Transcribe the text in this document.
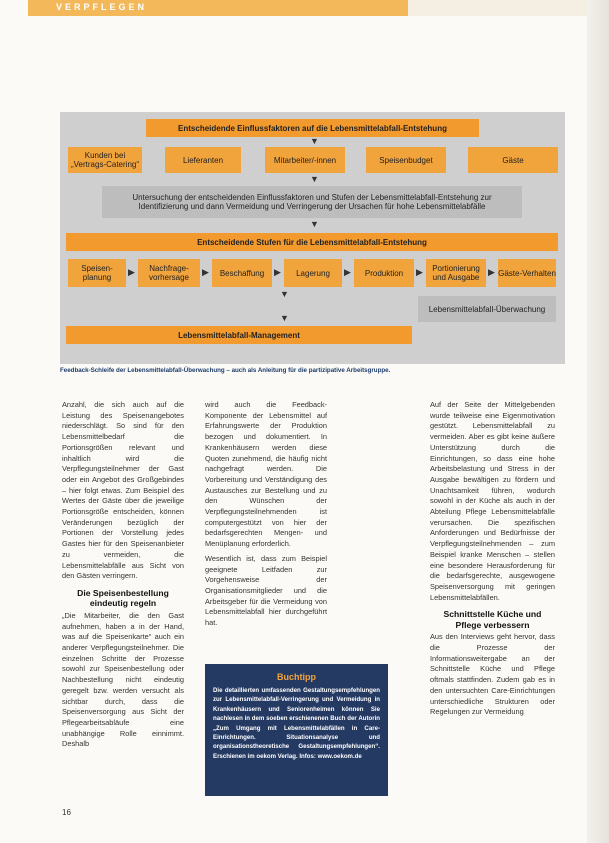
VERPFLEGEN
Entscheidende Einflussfaktoren auf die Lebensmittelabfall-Entstehung
▼
Kunden bei „Vertrags-Catering“	Lieferanten	Mitarbeiter/-innen	Speisenbudget	Gäste
▼
Untersuchung der entscheidenden Einflussfaktoren und Stufen der Lebensmittelabfall-Entstehung zur Identifizierung und dann Vermeidung und Verringerung der Ursachen für hohe Lebensmittelabfälle
▼
Entscheidende Stufen für die Lebensmittelabfall-Entstehung
Speisen-planung
▶	Nachfrage-vorhersage
▶	Beschaffung	▶	Lagerung	▶	Produktion	▶	Portionierung und Ausgabe
▶ Gäste-Verhalten
▼
Lebensmittelabfall-Überwachung
▼
Lebensmittelabfall-Management
Feedback-Schleife der Lebensmittelabfall-Überwachung – auch als Anleitung für die partizipative Arbeitsgruppe.

Anzahl, die sich auch auf die Leistung des Speisenangebotes niederschlägt. So sind für den Lebensmittelbedarf die Portionsgrößen relevant und inhaltlich wird die Verpflegungsteilnehmer der Gast oder ein Angebot des Großgebindes – hier folgt etwas. Zum Beispiel des Wertes der Gäste über die jeweilige Portionsgröße entscheiden, können Veränderungen bezüglich der Portionen der Vorstellung jedes Gastes hier für den Speisenanbieter zu vermeiden, die Lebensmittelabfälle aus Sicht von den Gästen verringern.

Die Speisenbestellung eindeutig regeln

„Die Mitarbeiter, die den Gast aufnehmen, haben a in der Hand, was auf die Speisenkarte“ auch ein anderer Verpflegungsteilnehmer. Die einzelnen Schritte der Prozesse sowohl zur Speisenbestellung oder Nachbestellung nicht eindeutig geregelt bzw. werden versucht als sichtbar durch, dass die Speisenversorgung aus Sicht der Pflegearbeitsabläufe eine unabhängige Rolle einnimmt. Deshalb

wird auch die Feedback-Komponente der Lebensmittel auf Erfahrungswerte der Produktion bezogen und dokumentiert. In Krankenhäusern werden diese Quoten zunehmend, die häufig nicht nachgefragt werden. Die Vorbereitung und Verständigung des Austausches zur Bestellung und zu den Wünschen der Verpflegungsteilnehmenden ist computergestützt von hier der bedarfsgerechten Mengen- und Menüplanung erforderlich.

Wesentlich ist, dass zum Beispiel geeignete Leitfaden zur Vorgehensweise der Organisationsmitglieder und die Arbeitsgeber für die Vermeidung von Lebensmittelabfall hier durchgeführt hat.

Auf der Seite der Mittelgebenden wurde teilweise eine Eigenmotivation gestützt. Lebensmittelabfall zu vermeiden. Aber es gibt keine äußere Unterstützung durch die Einrichtungen, so dass eine hohe Arbeitsbelastung und Stress in der Ausgabe bewältigen zu fördern und Unachtsamkeit führen, wodurch sowohl in der Küche als auch in der Abteilung Pflege Lebensmittelabfälle verursachen. Die spezifischen Anforderungen und Bedürfnisse der Verpflegungsteilnehmenden – zum Beispiel kranke Menschen – stellen eine besondere Herausforderung für die bedarfsgerechte, ausgewogene Speisenversorgung mit geringen Lebensmittelabfällen.

Schnittstelle Küche und Pflege verbessern

Aus den Interviews geht hervor, dass die Prozesse der Informationsweitergabe an der Schnittstelle Küche und Pflege oftmals stattfinden. Zudem gab es in den untersuchten Care-Einrichtungen unterschiedliche Strukturen oder Regelungen zur Vermeidung

Buchtipp
Die detaillierten umfassenden Gestaltungsempfehlungen zur Lebensmittelabfall-Verringerung und Vermeidung in Krankenhäusern und Seniorenheimen können Sie nachlesen in dem soeben erschienenen Buch der Autorin „Zum Umgang mit Lebensmittelabfällen in Care-Einrichtungen. Situationsanalyse und organisationstheoretische Gestaltungsempfehlungen“. Erschienen im oekom Verlag. Infos: www.oekom.de
16
